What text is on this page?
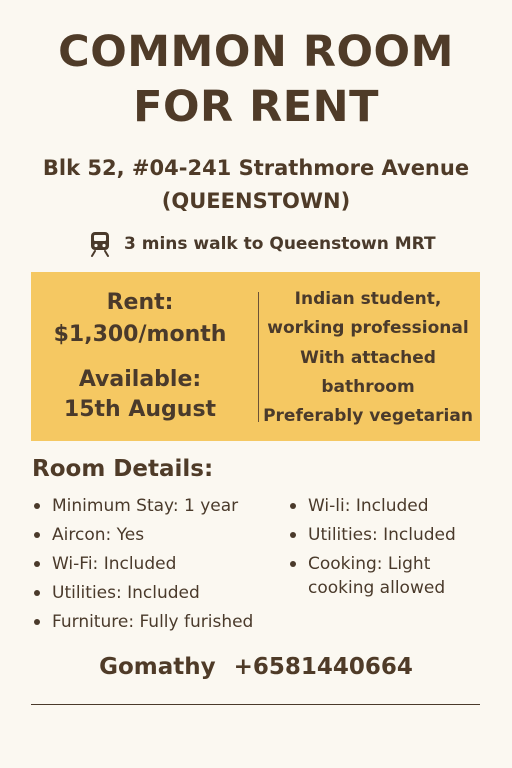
COMMON ROOM
FOR RENT
Blk 52, #04-241 Strathmore Avenue
(QUEENSTOWN)
3 mins walk to Queenstown MRT
Rent:
$1,300/month
Available:
15th August
Indian student,
working professional
With attached
bathroom
Preferably vegetarian
Room Details:
Minimum Stay: 1 year
Aircon: Yes
Wi-Fi: Included
Utilities: Included
Furniture: Fully furished
Wi-li: Included
Utilities: Included
Cooking: Light
cooking allowed
Gomathy +6581440664
